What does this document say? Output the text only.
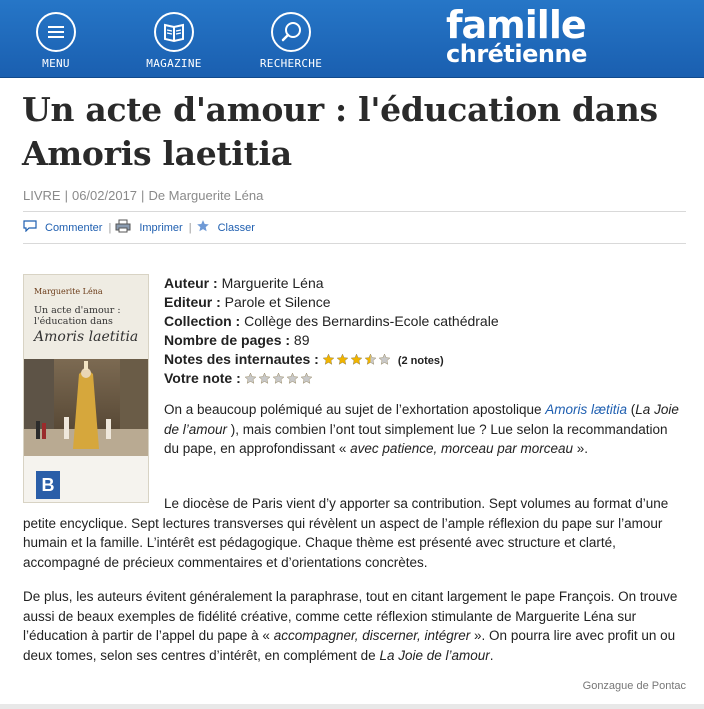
MENU	MAGAZINE	RECHERCHE
famille
chrétienne
Un acte d'amour : l'éducation dans Amoris laetitia
LIVRE | 06/02/2017 | De Marguerite Léna
Commenter |	Imprimer | Classer
Marguerite Léna
Un acte d'amour :
l'éducation dans
Amoris laetitia
B
Auteur : Marguerite Léna
Editeur : Parole et Silence
Collection : Collège des Bernardins-Ecole cathédrale
Nombre de pages : 89
Notes des internautes :	(2 notes)
Votre note :

On a beaucoup polémiqué au sujet de l’exhortation apostolique Amoris lætitia (La Joie de l’amour ), mais combien l’ont tout simplement lue ? Lue selon la recommandation du pape, en approfondissant « avec patience, morceau par morceau ».

Le diocèse de Paris vient d’y apporter sa contribution. Sept volumes au format d’une petite encyclique. Sept lectures transverses qui révèlent un aspect de l’ample réflexion du pape sur l’amour humain et la famille. L’intérêt est pédagogique. Chaque thème est présenté avec structure et clarté, accompagné de précieux commentaires et d’orientations concrètes.

De plus, les auteurs évitent généralement la paraphrase, tout en citant largement le pape François. On trouve aussi de beaux exemples de fidélité créative, comme cette réflexion stimulante de Marguerite Léna sur l’éducation à partir de l’appel du pape à « accompagner, discerner, intégrer ». On pourra lire avec profit un ou deux tomes, selon ses centres d’intérêt, en complément de La Joie de l’amour.

Gonzague de Pontac
